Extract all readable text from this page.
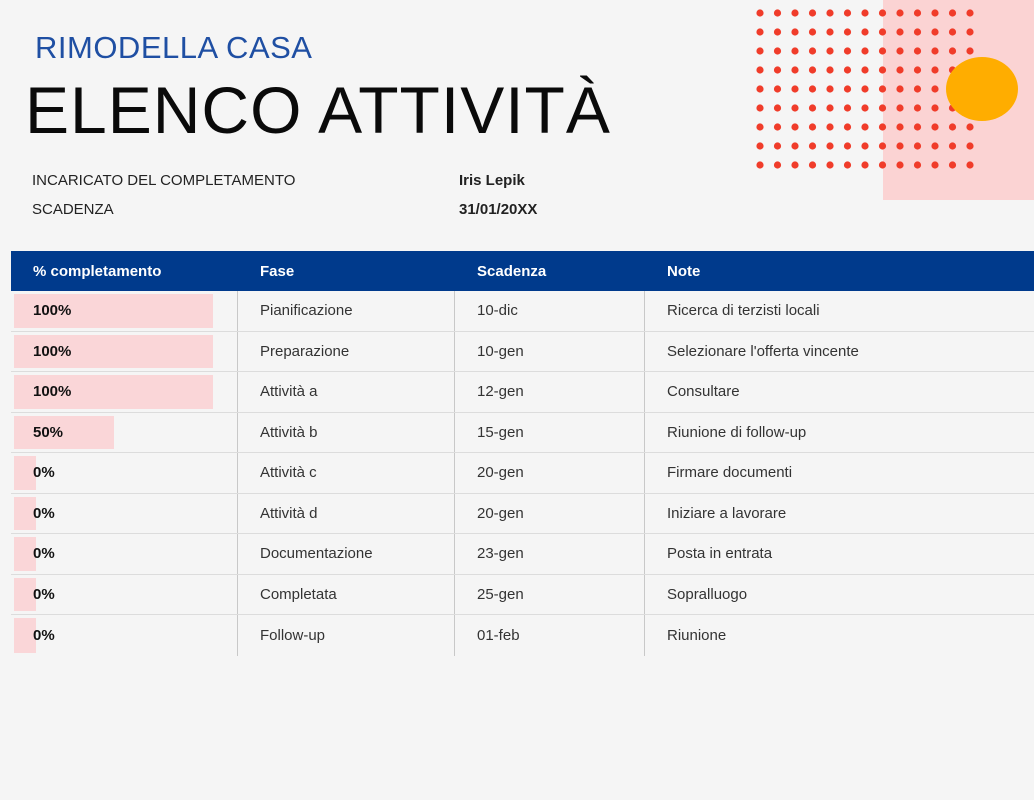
RIMODELLA CASA
ELENCO ATTIVITÀ
INCARICATO DEL COMPLETAMENTO	Iris Lepik
SCADENZA	31/01/20XX
% completamento	Fase	Scadenza	Note
100%	Pianificazione	10-dic	Ricerca di terzisti locali
100%	Preparazione	10-gen	Selezionare l'offerta vincente
100%	Attività a	12-gen	Consultare
50%	Attività b	15-gen	Riunione di follow-up
0%	Attività c	20-gen	Firmare documenti
0%	Attività d	20-gen	Iniziare a lavorare
0%	Documentazione	23-gen	Posta in entrata
0%	Completata	25-gen	Sopralluogo
0%	Follow-up	01-feb	Riunione
